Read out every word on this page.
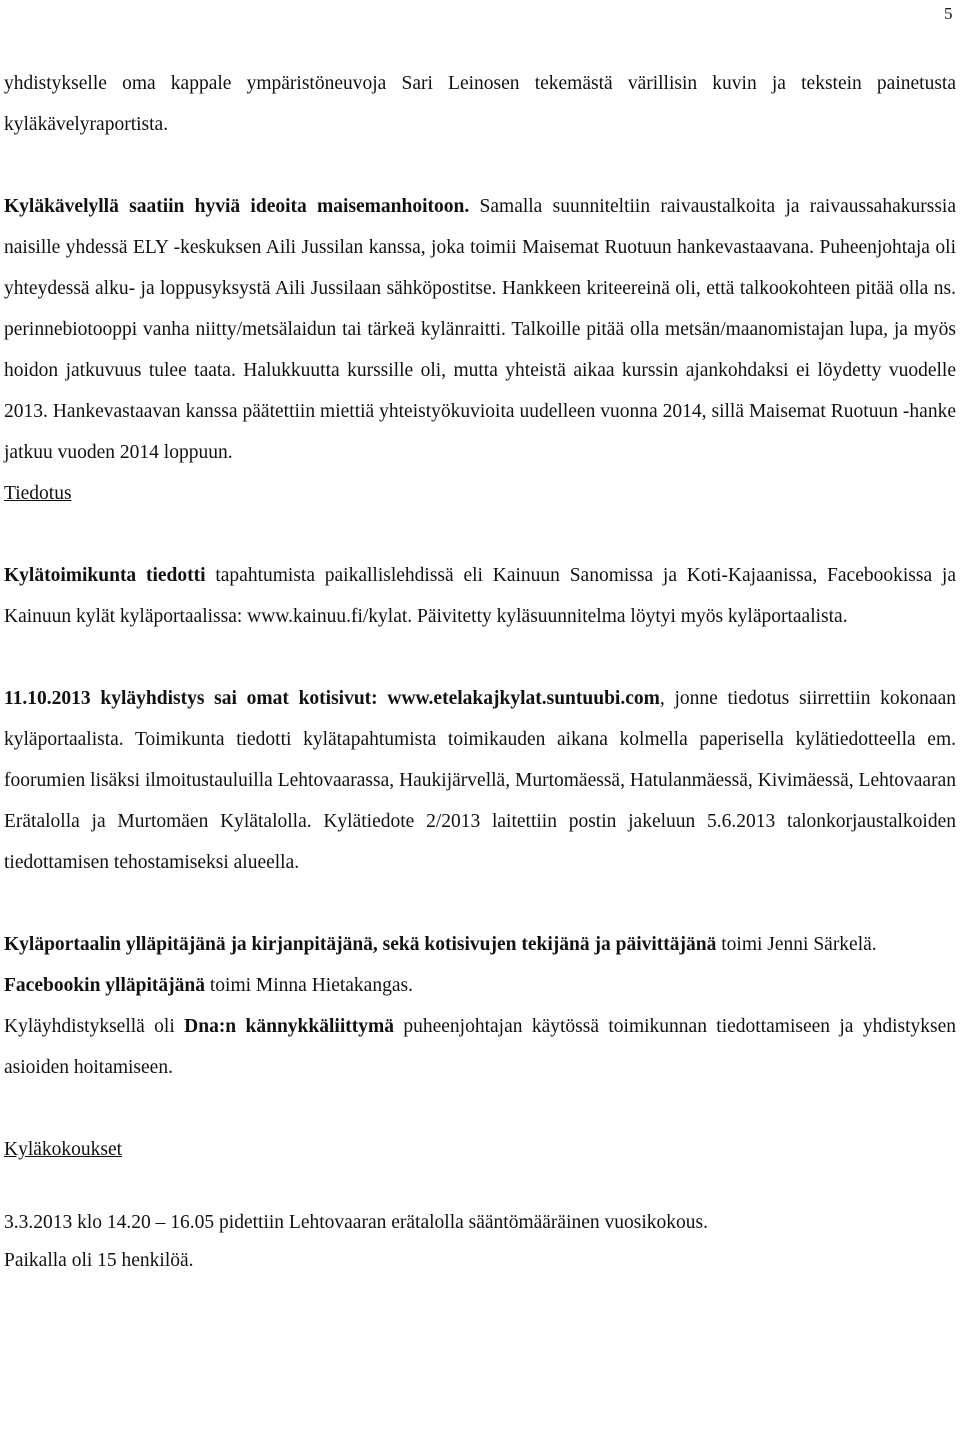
5

yhdistykselle oma kappale ympäristöneuvoja Sari Leinosen tekemästä värillisin kuvin ja tekstein painetusta kyläkävelyraportista.

Kyläkävelyllä saatiin hyviä ideoita maisemanhoitoon. Samalla suunniteltiin raivaustalkoita ja raivaussahakurssia naisille yhdessä ELY -keskuksen Aili Jussilan kanssa, joka toimii Maisemat Ruotuun hankevastaavana. Puheenjohtaja oli yhteydessä alku- ja loppusyksystä Aili Jussilaan sähköpostitse. Hankkeen kriteereinä oli, että talkookohteen pitää olla ns. perinnebiotooppi vanha niitty/metsälaidun tai tärkeä kylänraitti. Talkoille pitää olla metsän/maanomistajan lupa, ja myös hoidon jatkuvuus tulee taata. Halukkuutta kurssille oli, mutta yhteistä aikaa kurssin ajankohdaksi ei löydetty vuodelle 2013. Hankevastaavan kanssa päätettiin miettiä yhteistyökuvioita uudelleen vuonna 2014, sillä Maisemat Ruotuun -hanke jatkuu vuoden 2014 loppuun.

Tiedotus

Kylätoimikunta tiedotti tapahtumista paikallislehdissä eli Kainuun Sanomissa ja Koti-Kajaanissa, Facebookissa ja Kainuun kylät kyläportaalissa: www.kainuu.fi/kylat. Päivitetty kyläsuunnitelma löytyi myös kyläportaalista.

11.10.2013 kyläyhdistys sai omat kotisivut: www.etelakajkylat.suntuubi.com, jonne tiedotus siirrettiin kokonaan kyläportaalista. Toimikunta tiedotti kylätapahtumista toimikauden aikana kolmella paperisella kylätiedotteella em. foorumien lisäksi ilmoitustauluilla Lehtovaarassa, Haukijärvellä, Murtomäessä, Hatulanmäessä, Kivimäessä, Lehtovaaran Erätalolla ja Murtomäen Kylätalolla. Kylätiedote 2/2013 laitettiin postin jakeluun 5.6.2013 talonkorjaustalkoiden tiedottamisen tehostamiseksi alueella.

Kyläportaalin ylläpitäjänä ja kirjanpitäjänä, sekä kotisivujen tekijänä ja päivittäjänä toimi Jenni Särkelä.

Facebookin ylläpitäjänä toimi Minna Hietakangas.

Kyläyhdistyksellä oli Dna:n kännykkäliittymä puheenjohtajan käytössä toimikunnan tiedottamiseen ja yhdistyksen asioiden hoitamiseen.

Kyläkokoukset

3.3.2013 klo 14.20 – 16.05 pidettiin Lehtovaaran erätalolla sääntömääräinen vuosikokous.

Paikalla oli 15 henkilöä.
